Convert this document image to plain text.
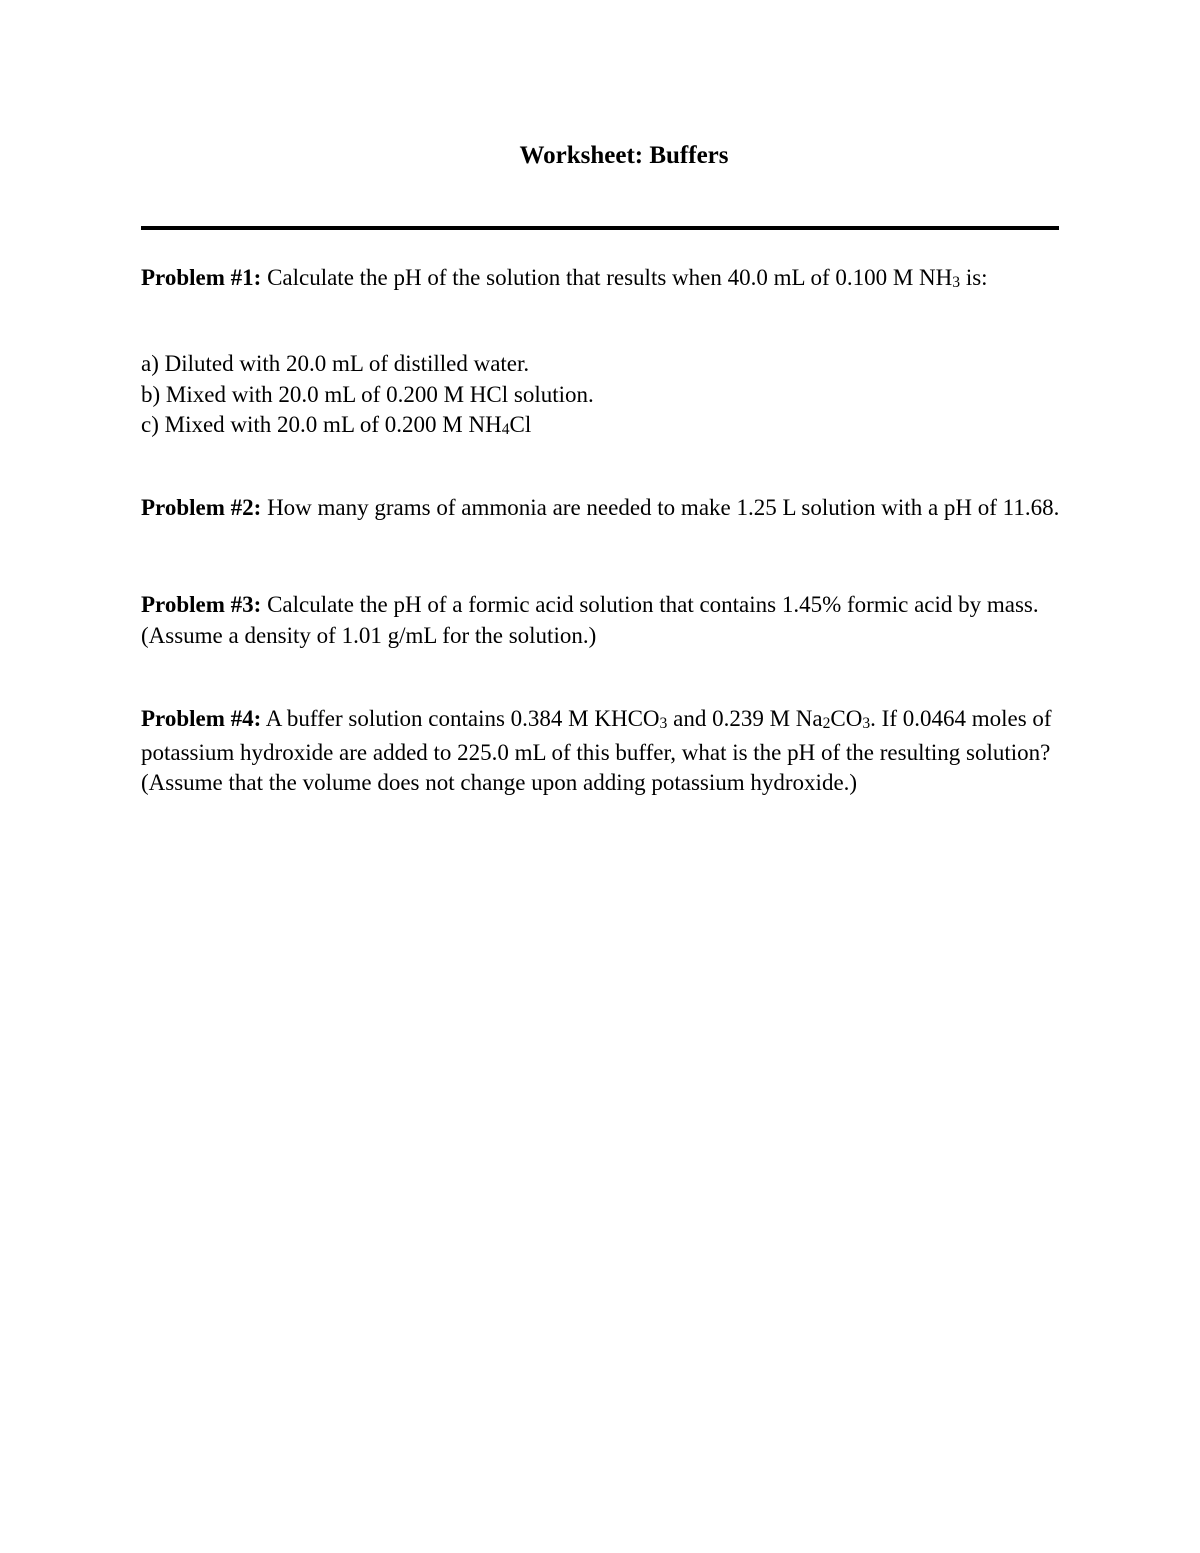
Worksheet: Buffers

Problem #1: Calculate the pH of the solution that results when 40.0 mL of 0.100 M NH3 is:

a) Diluted with 20.0 mL of distilled water.
b) Mixed with 20.0 mL of 0.200 M HCl solution.
c) Mixed with 20.0 mL of 0.200 M NH4Cl

Problem #2: How many grams of ammonia are needed to make 1.25 L solution with a pH of 11.68.

Problem #3: Calculate the pH of a formic acid solution that contains 1.45% formic acid by mass. (Assume a density of 1.01 g/mL for the solution.)

Problem #4: A buffer solution contains 0.384 M KHCO3 and 0.239 M Na2CO3. If 0.0464 moles of potassium hydroxide are added to 225.0 mL of this buffer, what is the pH of the resulting solution? (Assume that the volume does not change upon adding potassium hydroxide.)
